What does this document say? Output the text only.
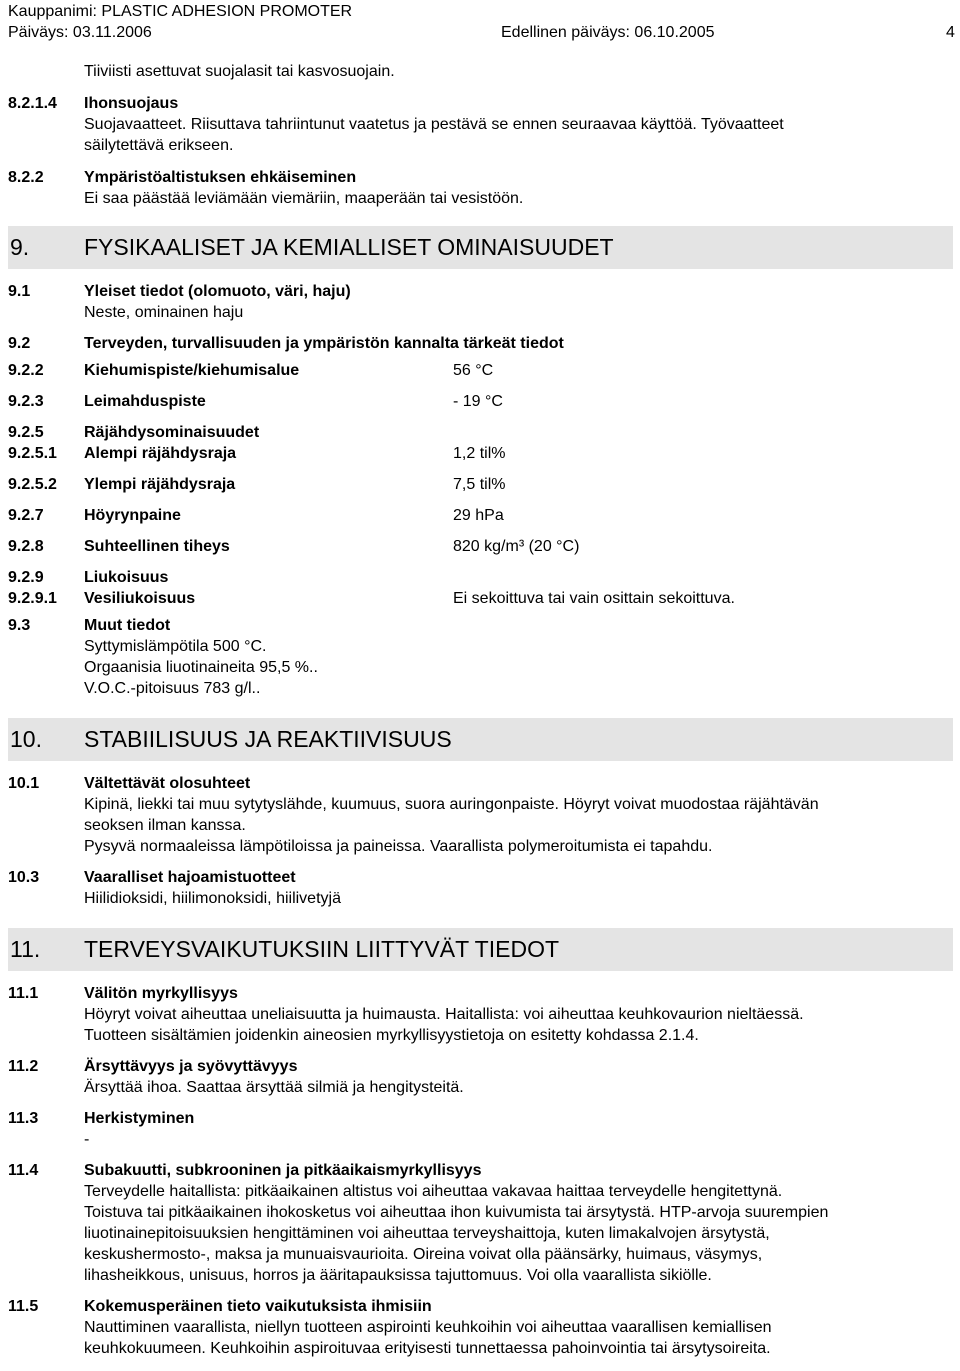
Kauppanimi: PLASTIC ADHESION PROMOTER
Päiväys: 03.11.2006	Edellinen päiväys: 06.10.2005	4
Tiiviisti asettuvat suojalasit tai kasvosuojain.
8.2.1.4 Ihonsuojaus
Suojavaatteet. Riisuttava tahriintunut vaatetus ja pestävä se ennen seuraavaa käyttöä. Työvaatteet
säilytettävä erikseen.
8.2.2	Ympäristöaltistuksen ehkäiseminen
Ei saa päästää leviämään viemäriin, maaperään tai vesistöön.
9. FYSIKAALISET JA KEMIALLISET OMINAISUUDET
9.1	Yleiset tiedot (olomuoto, väri, haju)
Neste, ominainen haju
9.2	Terveyden, turvallisuuden ja ympäristön kannalta tärkeät tiedot
9.2.2	Kiehumispiste/kiehumisalue	56 °C
9.2.3	Leimahduspiste	- 19 °C
9.2.5	Räjähdysominaisuudet
9.2.5.1 Alempi räjähdysraja	1,2 til%
9.2.5.2 Ylempi räjähdysraja	7,5 til%
9.2.7	Höyrynpaine	29 hPa
9.2.8	Suhteellinen tiheys	820 kg/m³ (20 °C)
9.2.9	Liukoisuus
9.2.9.1 Vesiliukoisuus	Ei sekoittuva tai vain osittain sekoittuva.
9.3	Muut tiedot
Syttymislämpötila 500 °C.
Orgaanisia liuotinaineita 95,5 %..
V.O.C.-pitoisuus 783 g/l..
10. STABIILISUUS JA REAKTIIVISUUS
10.1	Vältettävät olosuhteet
Kipinä, liekki tai muu sytytyslähde, kuumuus, suora auringonpaiste. Höyryt voivat muodostaa räjähtävän
seoksen ilman kanssa.
Pysyvä normaaleissa lämpötiloissa ja paineissa. Vaarallista polymeroitumista ei tapahdu.
10.3	Vaaralliset hajoamistuotteet
Hiilidioksidi, hiilimonoksidi, hiilivetyjä
11. TERVEYSVAIKUTUKSIIN LIITTYVÄT TIEDOT
11.1	Välitön myrkyllisyys
Höyryt voivat aiheuttaa uneliaisuutta ja huimausta. Haitallista: voi aiheuttaa keuhkovaurion nieltäessä.
Tuotteen sisältämien joidenkin aineosien myrkyllisyystietoja on esitetty kohdassa 2.1.4.
11.2	Ärsyttävyys ja syövyttävyys
Ärsyttää ihoa. Saattaa ärsyttää silmiä ja hengitysteitä.
11.3	Herkistyminen
-
11.4	Subakuutti, subkrooninen ja pitkäaikaismyrkyllisyys
Terveydelle haitallista: pitkäaikainen altistus voi aiheuttaa vakavaa haittaa terveydelle hengitettynä.
Toistuva tai pitkäaikainen ihokosketus voi aiheuttaa ihon kuivumista tai ärsytystä. HTP-arvoja suurempien
liuotinainepitoisuuksien hengittäminen voi aiheuttaa terveyshaittoja, kuten limakalvojen ärsytystä,
keskushermosto-, maksa ja munuaisvaurioita. Oireina voivat olla päänsärky, huimaus, väsymys,
lihasheikkous, unisuus, horros ja ääritapauksissa tajuttomuus. Voi olla vaarallista sikiölle.
11.5	Kokemusperäinen tieto vaikutuksista ihmisiin
Nauttiminen vaarallista, niellyn tuotteen aspirointi keuhkoihin voi aiheuttaa vaarallisen kemiallisen
keuhkokuumeen. Keuhkoihin aspiroituvaa erityisesti tunnettaessa pahoinvointia tai ärsytysoireita.
